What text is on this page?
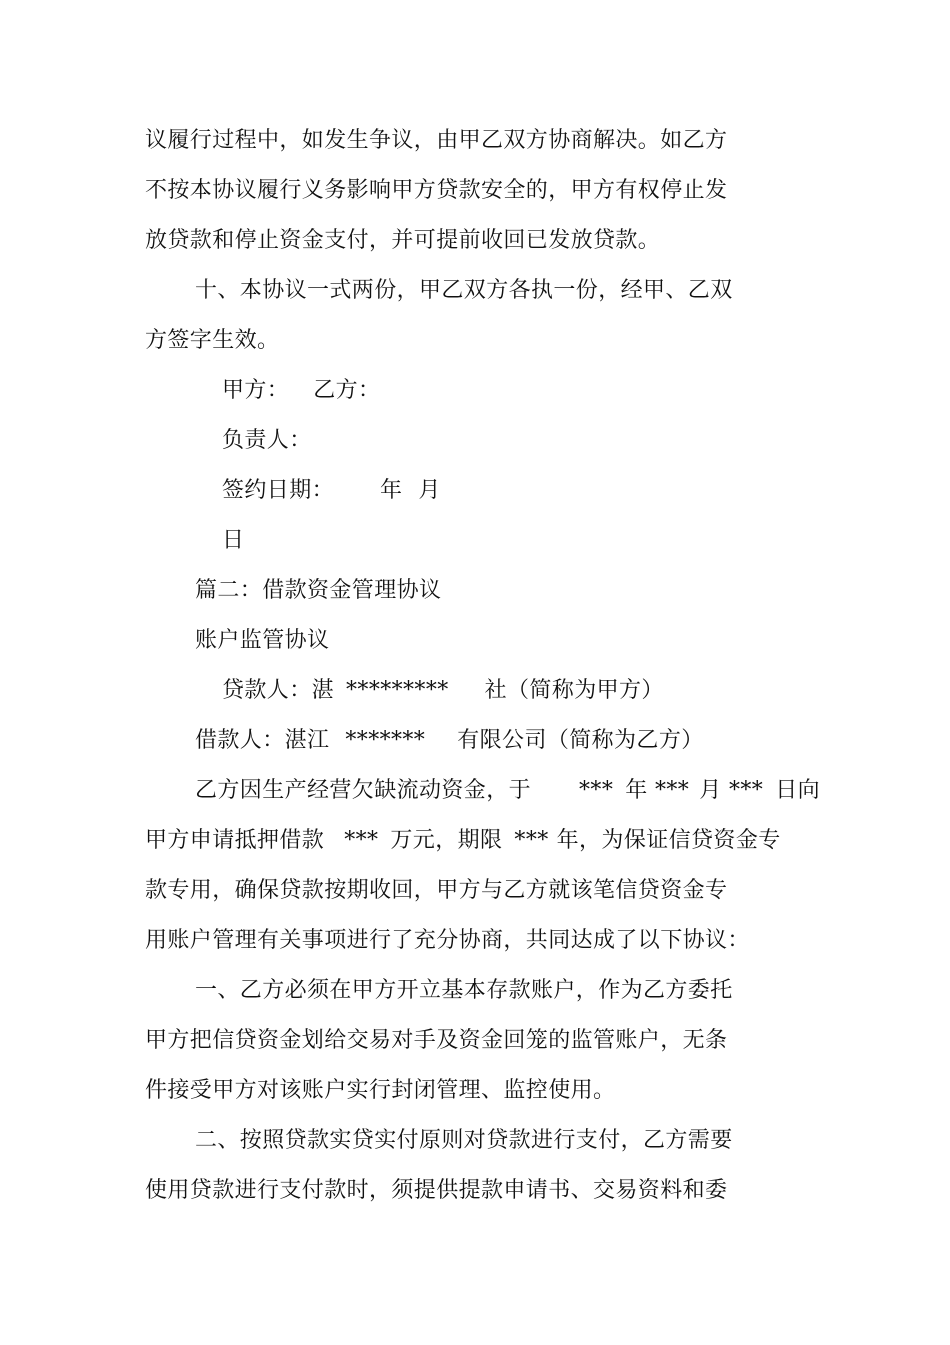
议履行过程中，如发生争议，由甲乙双方协商解决。如乙方
不按本协议履行义务影响甲方贷款安全的，甲方有权停止发
放贷款和停止资金支付，并可提前收回已发放贷款。
十、本协议一式两份，甲乙双方各执一份，经甲、乙双
方签字生效。
甲方： 乙方：
负责人：
签约日期： 年 月
日
篇二：借款资金管理协议
账户监管协议
贷款人：湛 ********* 社（简称为甲方）
借款人：湛江 ******* 有限公司（简称为乙方）
乙方因生产经营欠缺流动资金，于 *** 年 *** 月 *** 日向
甲方申请抵押借款 *** 万元，期限 *** 年，为保证信贷资金专
款专用，确保贷款按期收回，甲方与乙方就该笔信贷资金专
用账户管理有关事项进行了充分协商，共同达成了以下协议：
一、乙方必须在甲方开立基本存款账户，作为乙方委托
甲方把信贷资金划给交易对手及资金回笼的监管账户，无条
件接受甲方对该账户实行封闭管理、监控使用。
二、按照贷款实贷实付原则对贷款进行支付，乙方需要
使用贷款进行支付款时，须提供提款申请书、交易资料和委
